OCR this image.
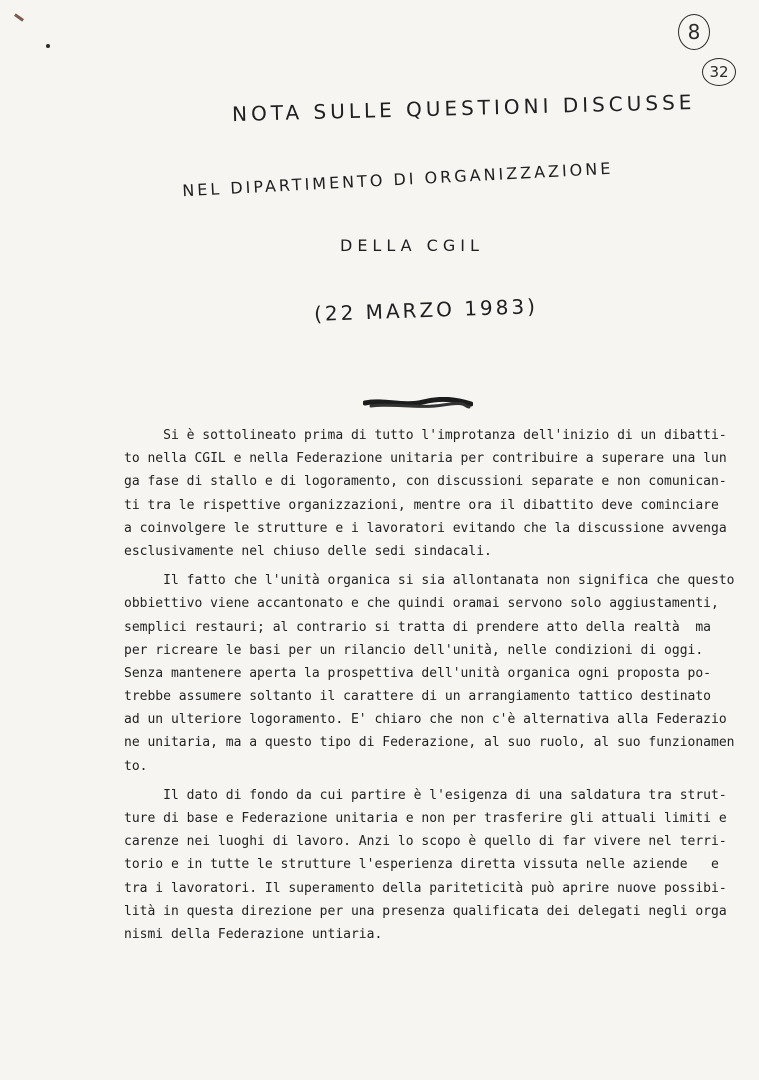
8
32
NOTA SULLE QUESTIONI DISCUSSE
NEL DIPARTIMENTO DI ORGANIZZAZIONE
DELLA CGIL
(22 MARZO 1983)
Si è sottolineato prima di tutto l'improtanza dell'inizio di un dibatti-
to nella CGIL e nella Federazione unitaria per contribuire a superare una lun
ga fase di stallo e di logoramento, con discussioni separate e non comunican-
ti tra le rispettive organizzazioni, mentre ora il dibattito deve cominciare
a coinvolgere le strutture e i lavoratori evitando che la discussione avvenga
esclusivamente nel chiuso delle sedi sindacali.
Il fatto che l'unità organica si sia allontanata non significa che questo
obbiettivo viene accantonato e che quindi oramai servono solo aggiustamenti,
semplici restauri; al contrario si tratta di prendere atto della realtà  ma
per ricreare le basi per un rilancio dell'unità, nelle condizioni di oggi.
Senza mantenere aperta la prospettiva dell'unità organica ogni proposta po-
trebbe assumere soltanto il carattere di un arrangiamento tattico destinato
ad un ulteriore logoramento. E' chiaro che non c'è alternativa alla Federazio
ne unitaria, ma a questo tipo di Federazione, al suo ruolo, al suo funzionamen
to.
Il dato di fondo da cui partire è l'esigenza di una saldatura tra strut-
ture di base e Federazione unitaria e non per trasferire gli attuali limiti e
carenze nei luoghi di lavoro. Anzi lo scopo è quello di far vivere nel terri-
torio e in tutte le strutture l'esperienza diretta vissuta nelle aziende   e
tra i lavoratori. Il superamento della pariteticità può aprire nuove possibi-
lità in questa direzione per una presenza qualificata dei delegati negli orga
nismi della Federazione untiaria.
